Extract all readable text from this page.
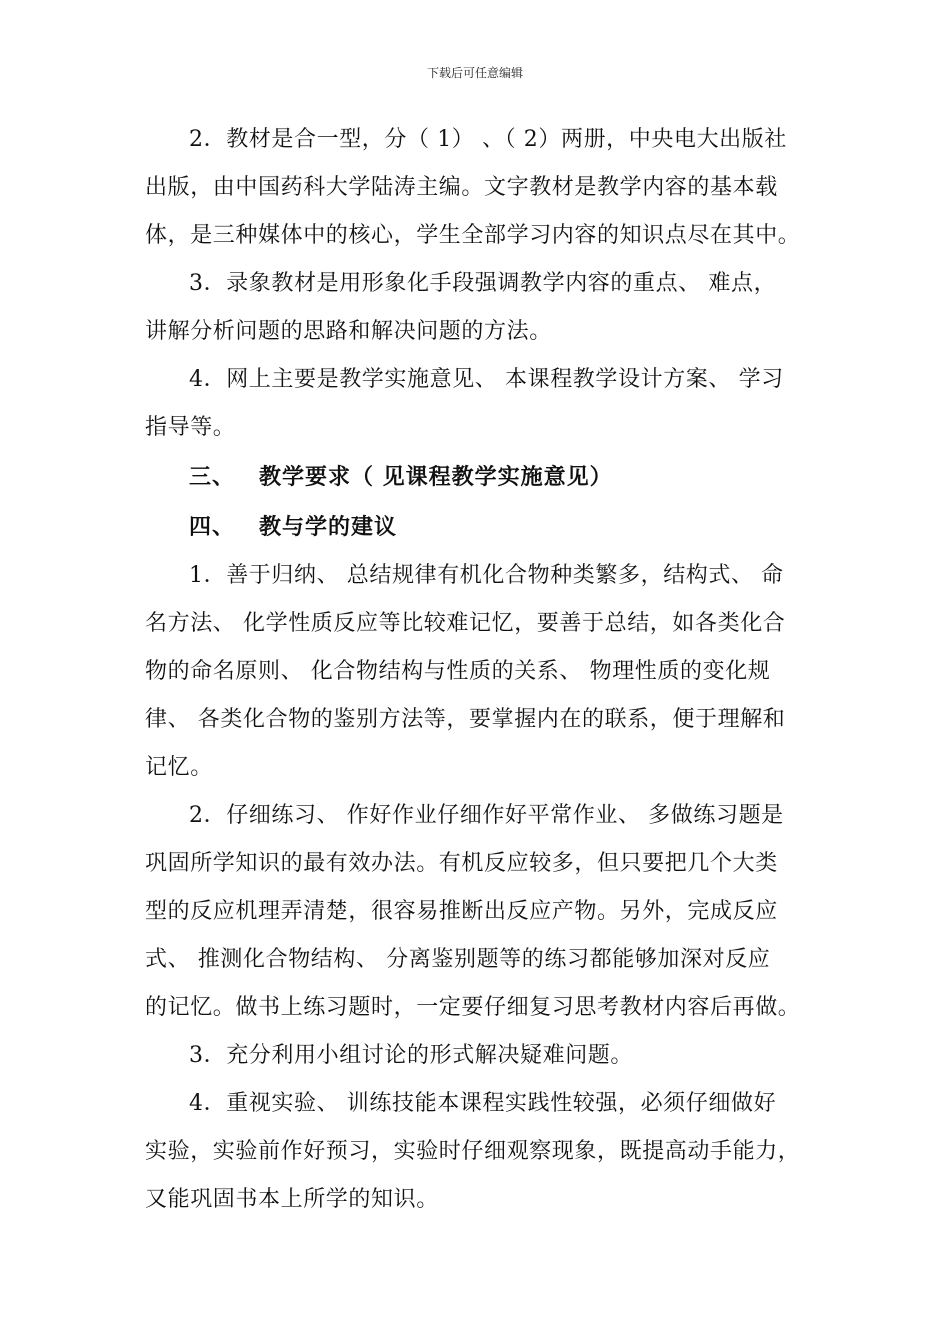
下载后可任意编辑

2．教材是合一型，分（ 1） 、（ 2）两册，中央电大出版社
出版，由中国药科大学陆涛主编。文字教材是教学内容的基本载
体，是三种媒体中的核心，学生全部学习内容的知识点尽在其中。

3．录象教材是用形象化手段强调教学内容的重点、 难点，
讲解分析问题的思路和解决问题的方法。

4．网上主要是教学实施意见、 本课程教学设计方案、 学习
指导等。

三、 教学要求（ 见课程教学实施意见）

四、 教与学的建议

1．善于归纳、 总结规律有机化合物种类繁多，结构式、 命
名方法、 化学性质反应等比较难记忆，要善于总结，如各类化合
物的命名原则、 化合物结构与性质的关系、 物理性质的变化规
律、 各类化合物的鉴别方法等，要掌握内在的联系，便于理解和
记忆。

2．仔细练习、 作好作业仔细作好平常作业、 多做练习题是
巩固所学知识的最有效办法。有机反应较多，但只要把几个大类
型的反应机理弄清楚，很容易推断出反应产物。另外，完成反应
式、 推测化合物结构、 分离鉴别题等的练习都能够加深对反应
的记忆。做书上练习题时，一定要仔细复习思考教材内容后再做。

3．充分利用小组讨论的形式解决疑难问题。

4．重视实验、 训练技能本课程实践性较强，必须仔细做好
实验，实验前作好预习，实验时仔细观察现象，既提高动手能力，
又能巩固书本上所学的知识。
